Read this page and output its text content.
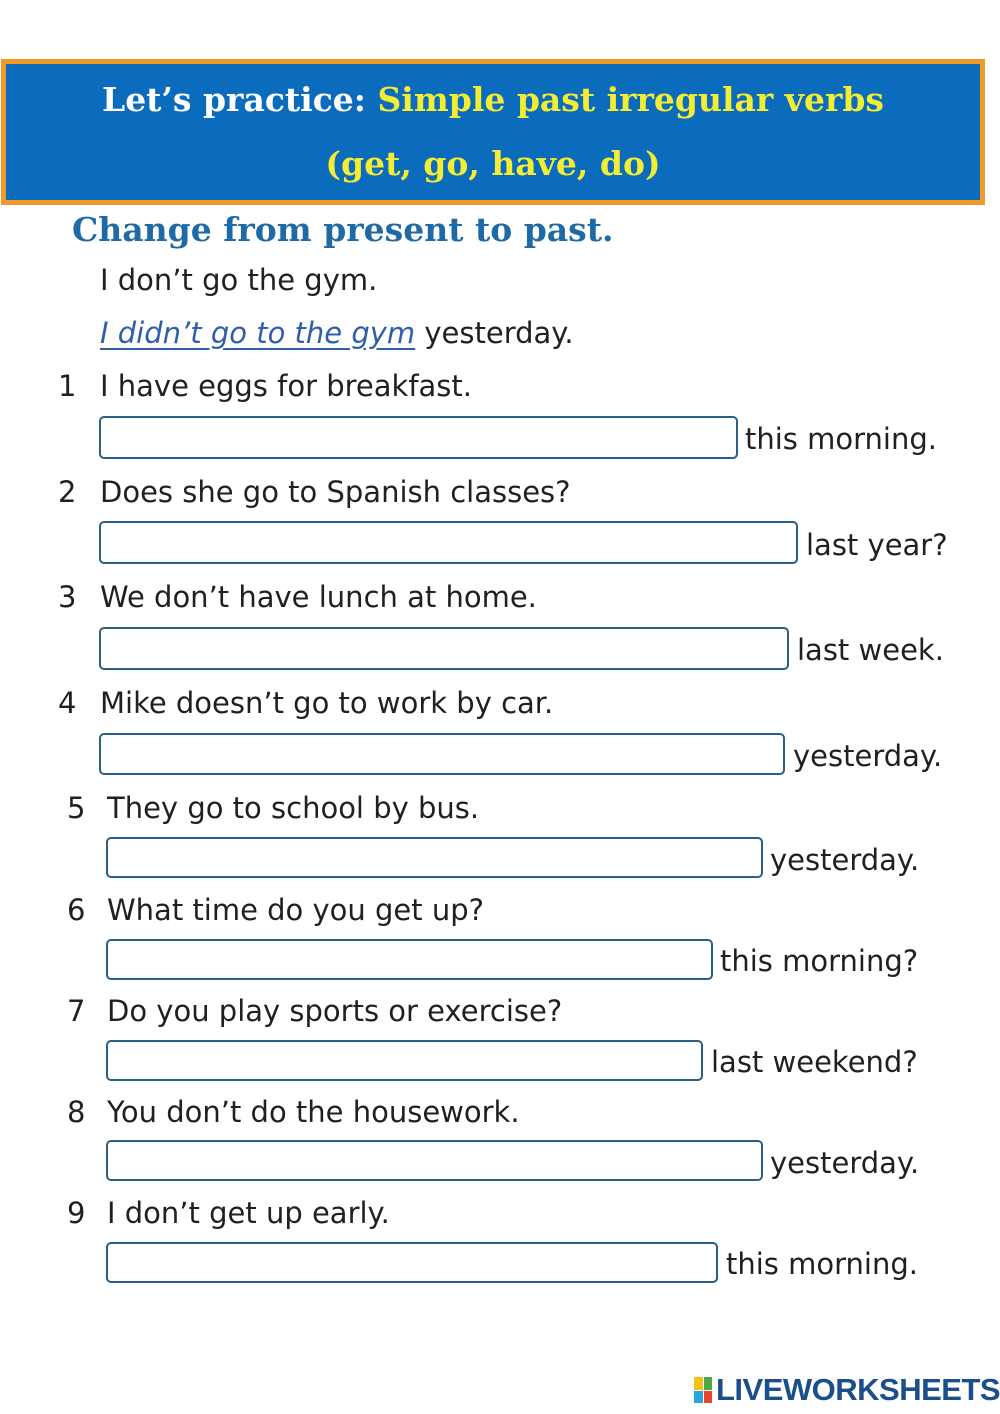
Let’s practice: Simple past irregular verbs
(get, go, have, do)
Change from present to past.
I don’t go the gym.
I didn’t go to the gym yesterday.
1 I have eggs for breakfast.
this morning.
2 Does she go to Spanish classes?
last year?
3 We don’t have lunch at home.
last week.
4 Mike doesn’t go to work by car.
yesterday.
5 They go to school by bus.
yesterday.
6 What time do you get up?
this morning?
7 Do you play sports or exercise?
last weekend?
8 You don’t do the housework.
yesterday.
9 I don’t get up early.
this morning.
LIVEWORKSHEETS
